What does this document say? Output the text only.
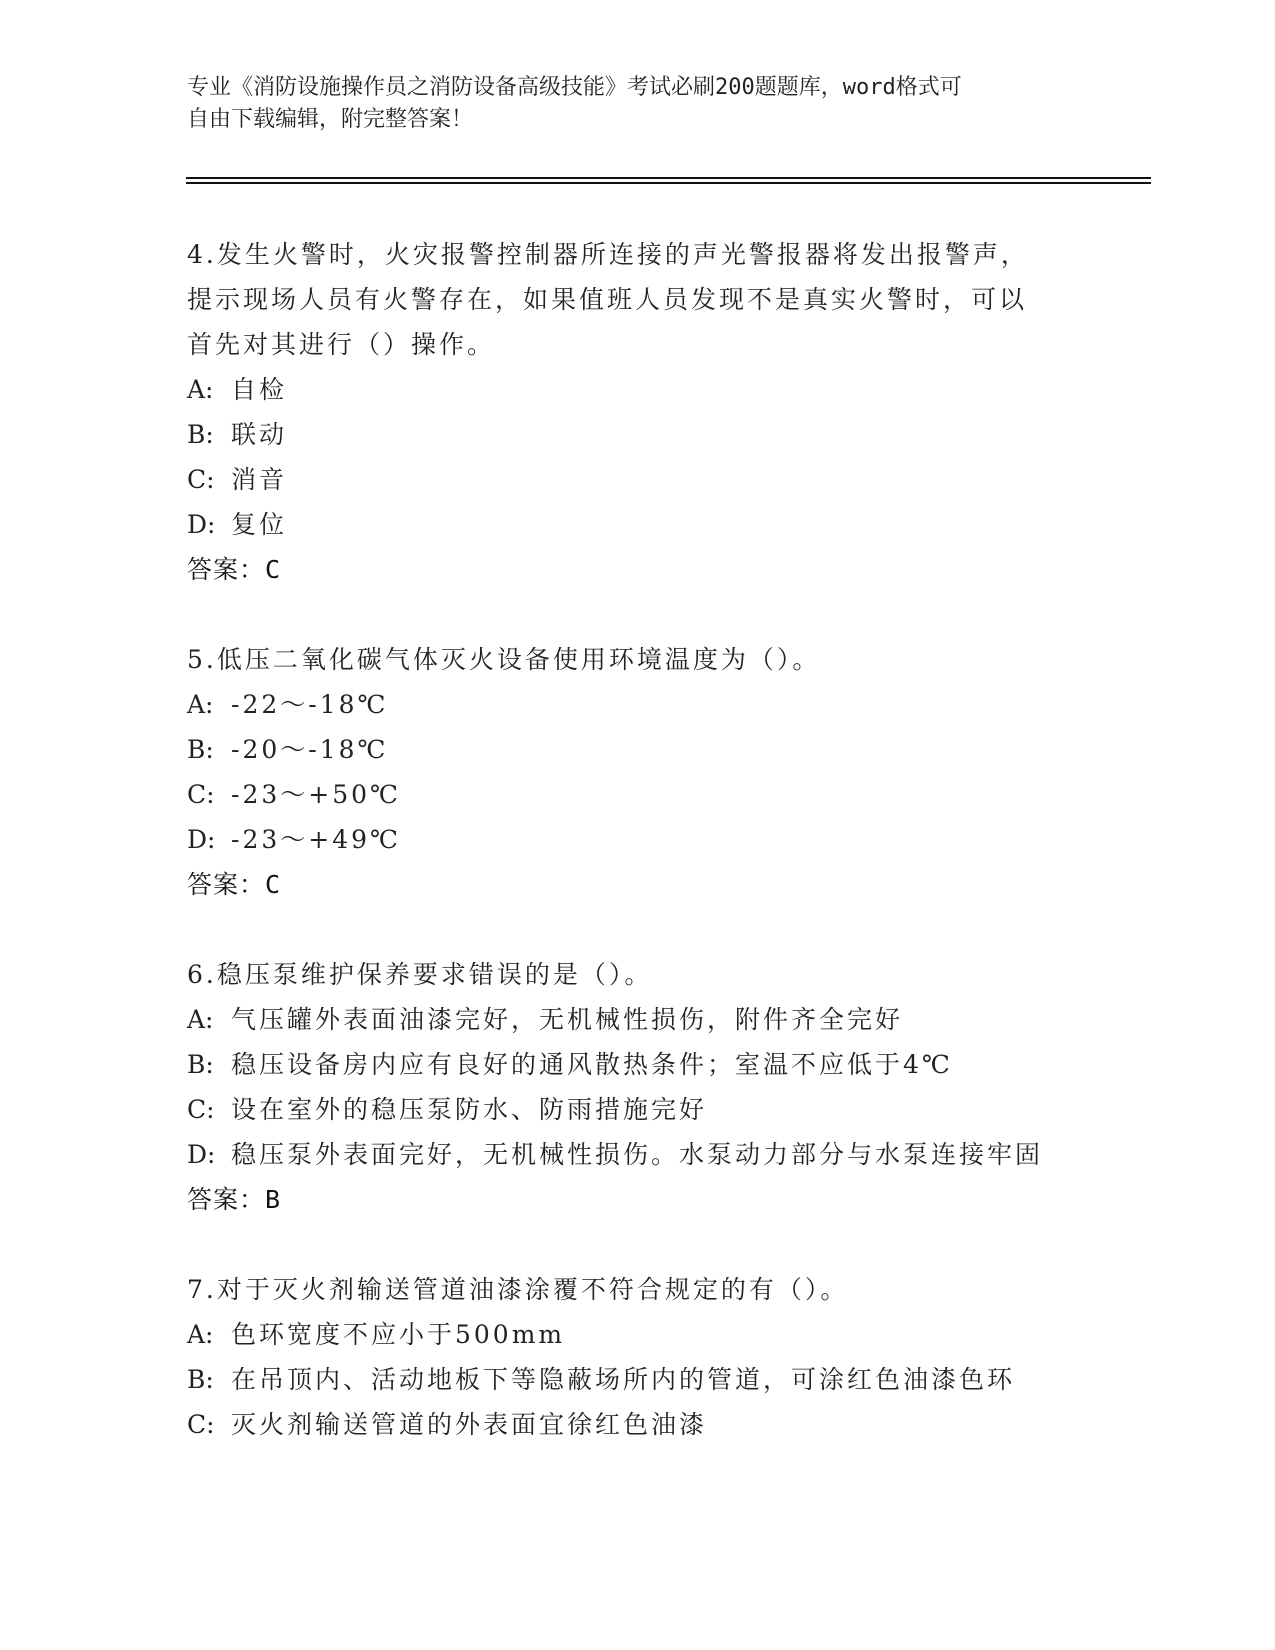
专业《消防设施操作员之消防设备高级技能》考试必刷200题题库，word格式可
自由下载编辑，附完整答案！
4.发生火警时，火灾报警控制器所连接的声光警报器将发出报警声，
提示现场人员有火警存在，如果值班人员发现不是真实火警时，可以
首先对其进行（）操作。
A: 自检
B: 联动
C: 消音
D: 复位
答案：C
5.低压二氧化碳气体灭火设备使用环境温度为（）。
A: -22～-18℃
B: -20～-18℃
C: -23～+50℃
D: -23～+49℃
答案：C
6.稳压泵维护保养要求错误的是（）。
A: 气压罐外表面油漆完好，无机械性损伤，附件齐全完好
B: 稳压设备房内应有良好的通风散热条件；室温不应低于4℃
C: 设在室外的稳压泵防水、防雨措施完好
D: 稳压泵外表面完好，无机械性损伤。水泵动力部分与水泵连接牢固
答案：B
7.对于灭火剂输送管道油漆涂覆不符合规定的有（）。
A: 色环宽度不应小于500mm
B: 在吊顶内、活动地板下等隐蔽场所内的管道，可涂红色油漆色环
C: 灭火剂输送管道的外表面宜徐红色油漆
